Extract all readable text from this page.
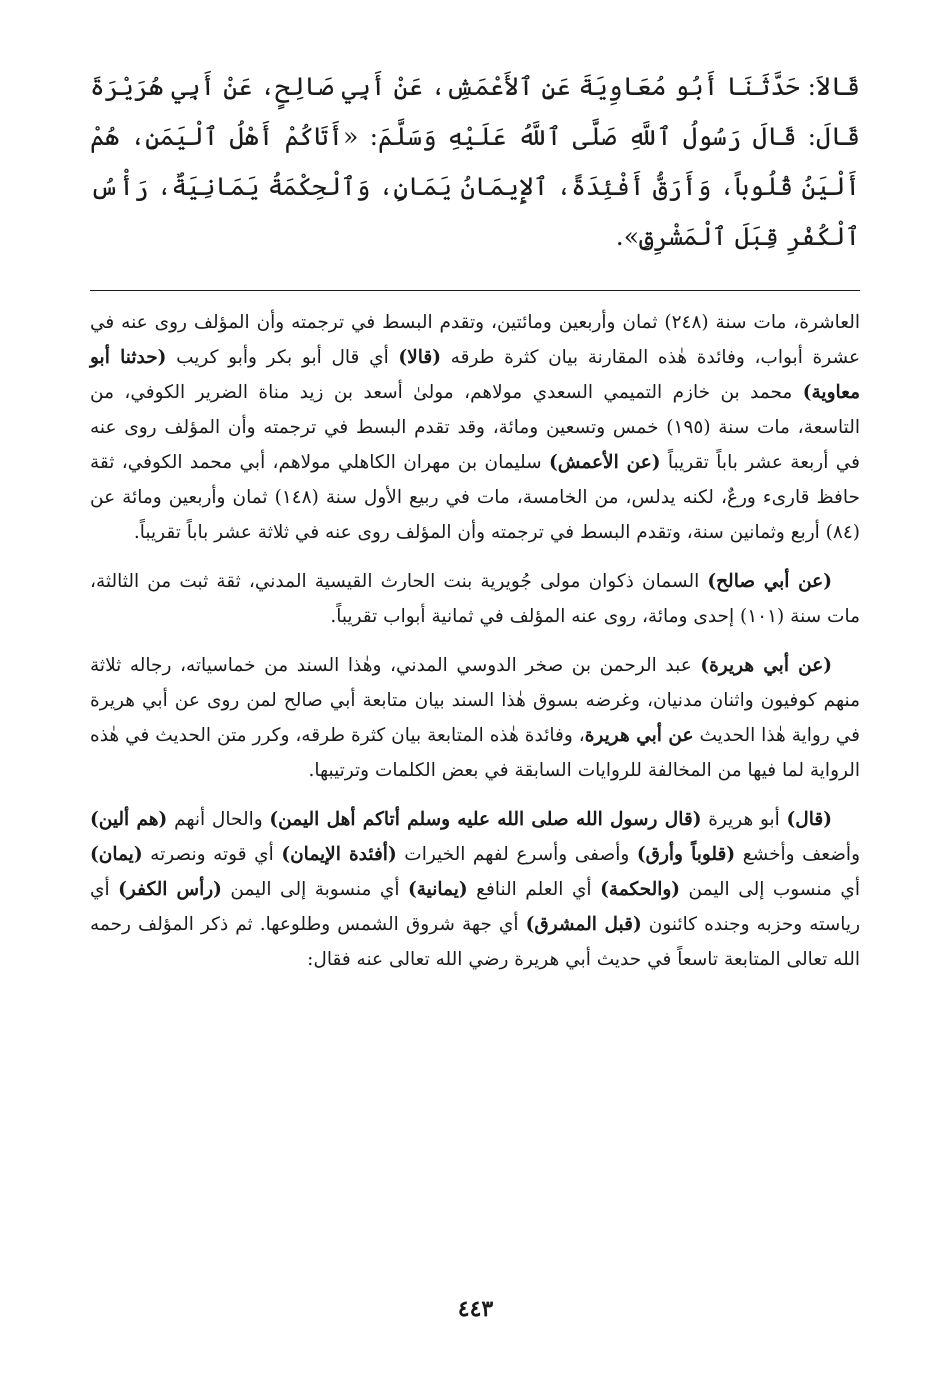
قَالاَ: حَدَّثَنَا أَبُو مُعَاوِيَةَ عَنِ ٱلأَعْمَشِ، عَنْ أَبِي صَالِحٍ، عَنْ أَبِي هُرَيْرَةَ قَالَ: قَالَ رَسُولُ ٱللَّهِ صَلَّى ٱللَّهُ عَلَيْهِ وَسَلَّمَ: «أَتَاكُمْ أَهْلُ ٱلْيَمَنِ، هُمْ أَلْيَنُ قُلُوباً، وَأَرَقُّ أَفْئِدَةً، ٱلإِيمَانُ يَمَانٍ، وَٱلْحِكْمَةُ يَمَانِيَةٌ، رَأْسُ ٱلْكُفْرِ قِبَلَ ٱلْمَشْرِقِ».

العاشرة، مات سنة (٢٤٨) ثمان وأربعين ومائتين، وتقدم البسط في ترجمته وأن المؤلف روى عنه في عشرة أبواب، وفائدة هٰذه المقارنة بيان كثرة طرقه (قالا) أي قال أبو بكر وأبو كريب (حدثنا أبو معاوية) محمد بن خازم التميمي السعدي مولاهم، مولىٰ أسعد بن زيد مناة الضرير الكوفي، من التاسعة، مات سنة (١٩٥) خمس وتسعين ومائة، وقد تقدم البسط في ترجمته وأن المؤلف روى عنه في أربعة عشر باباً تقريباً (عن الأعمش) سليمان بن مهران الكاهلي مولاهم، أبي محمد الكوفي، ثقة حافظ قارىء ورعٌ، لكنه يدلس، من الخامسة، مات في ربيع الأول سنة (١٤٨) ثمان وأربعين ومائة عن (٨٤) أربع وثمانين سنة، وتقدم البسط في ترجمته وأن المؤلف روى عنه في ثلاثة عشر باباً تقريباً.

(عن أبي صالح) السمان ذكوان مولى جُويرية بنت الحارث القيسية المدني، ثقة ثبت من الثالثة، مات سنة (١٠١) إحدى ومائة، روى عنه المؤلف في ثمانية أبواب تقريباً.

(عن أبي هريرة) عبد الرحمن بن صخر الدوسي المدني، وهٰذا السند من خماسياته، رجاله ثلاثة منهم كوفيون واثنان مدنيان، وغرضه بسوق هٰذا السند بيان متابعة أبي صالح لمن روى عن أبي هريرة في رواية هٰذا الحديث عن أبي هريرة، وفائدة هٰذه المتابعة بيان كثرة طرقه، وكرر متن الحديث في هٰذه الرواية لما فيها من المخالفة للروايات السابقة في بعض الكلمات وترتيبها.

(قال) أبو هريرة (قال رسول الله صلى الله عليه وسلم أتاكم أهل اليمن) والحال أنهم (هم ألين) وأضعف وأخشع (قلوباً وأرق) وأصفى وأسرع لفهم الخيرات (أفئدة الإيمان) أي قوته ونصرته (يمان) أي منسوب إلى اليمن (والحكمة) أي العلم النافع (يمانية) أي منسوبة إلى اليمن (رأس الكفر) أي رياسته وحزبه وجنده كائنون (قبل المشرق) أي جهة شروق الشمس وطلوعها. ثم ذكر المؤلف رحمه الله تعالى المتابعة تاسعاً في حديث أبي هريرة رضي الله تعالى عنه فقال:

٤٤٣
